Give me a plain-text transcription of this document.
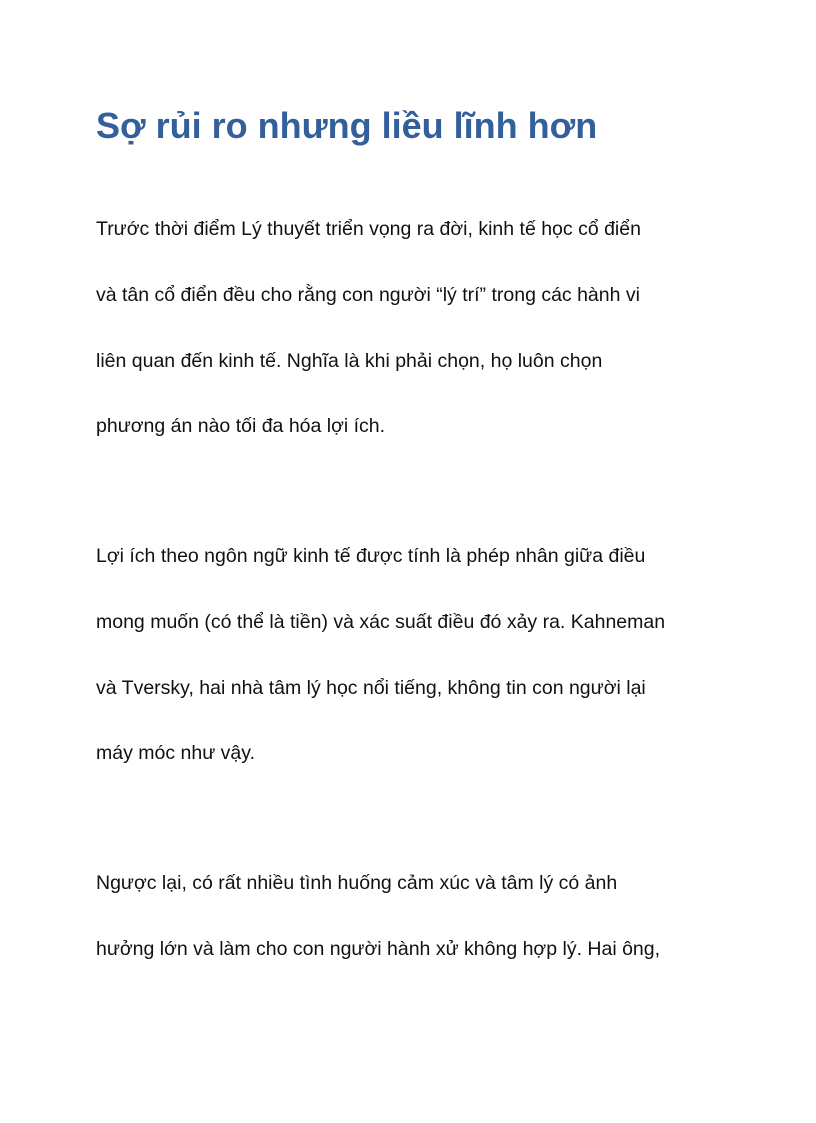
Sợ rủi ro nhưng liều lĩnh hơn

Trước thời điểm Lý thuyết triển vọng ra đời, kinh tế học cổ điển

và tân cổ điển đều cho rằng con người “lý trí” trong các hành vi

liên quan đến kinh tế. Nghĩa là khi phải chọn, họ luôn chọn

phương án nào tối đa hóa lợi ích.

Lợi ích theo ngôn ngữ kinh tế được tính là phép nhân giữa điều

mong muốn (có thể là tiền) và xác suất điều đó xảy ra. Kahneman

và Tversky, hai nhà tâm lý học nổi tiếng, không tin con người lại

máy móc như vậy.

Ngược lại, có rất nhiều tình huống cảm xúc và tâm lý có ảnh

hưởng lớn và làm cho con người hành xử không hợp lý. Hai ông,
